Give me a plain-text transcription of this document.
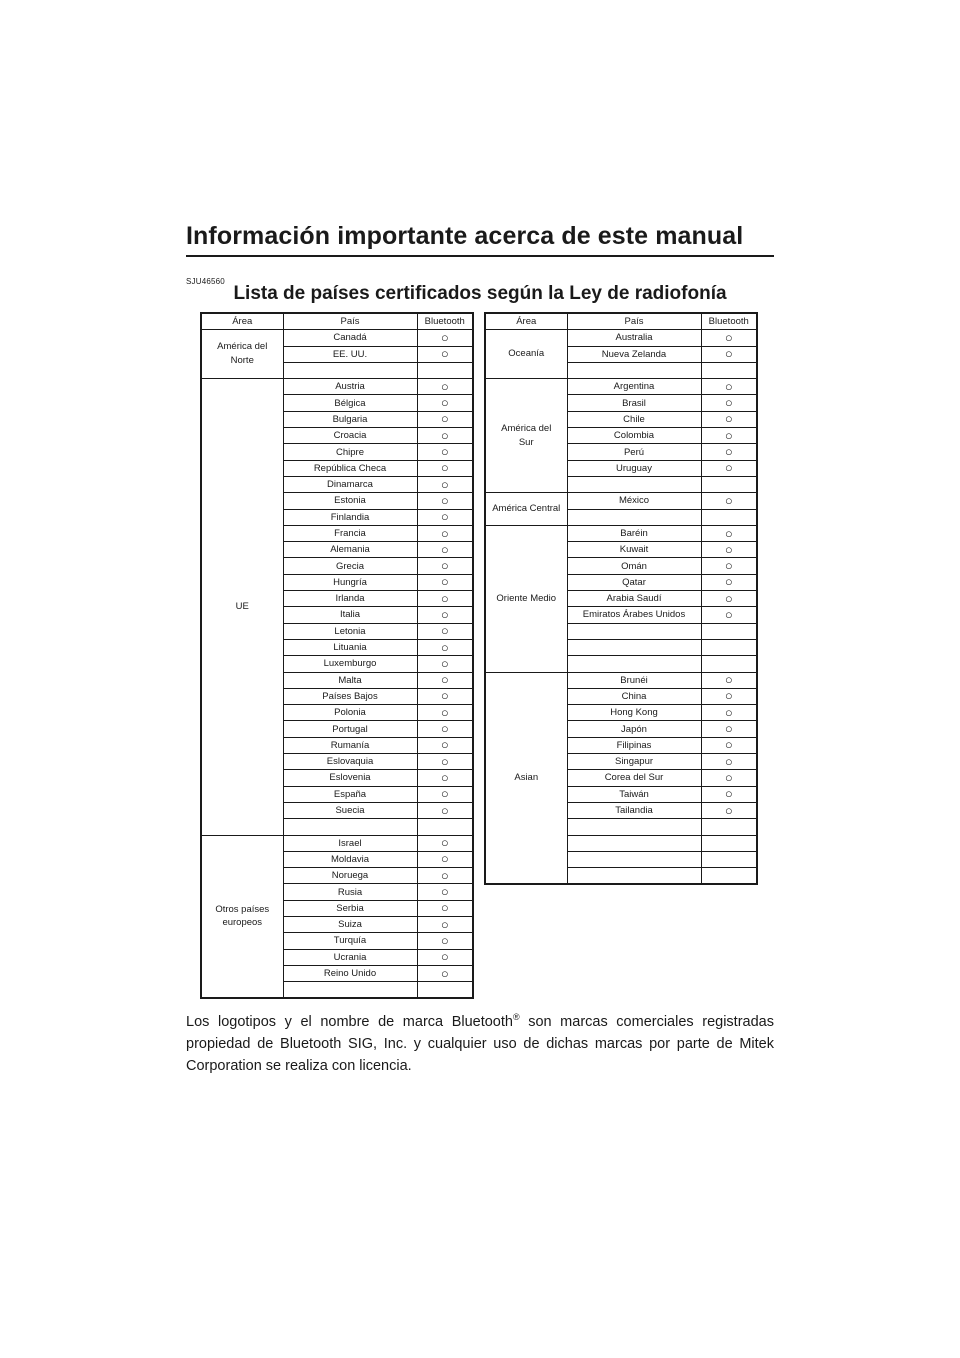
Información importante acerca de este manual
SJU46560
Lista de países certificados según la Ley de radiofonía
Área	País	Bluetooth
América del
Norte	Canadá	○
	EE. UU.	○

UE	Austria	○
	Bélgica	○
	Bulgaria	○
	Croacia	○
	Chipre	○
	República Checa	○
	Dinamarca	○
	Estonia	○
	Finlandia	○
	Francia	○
	Alemania	○
	Grecia	○
	Hungría	○
	Irlanda	○
	Italia	○
	Letonia	○
	Lituania	○
	Luxemburgo	○
	Malta	○
	Países Bajos	○
	Polonia	○
	Portugal	○
	Rumanía	○
	Eslovaquia	○
	Eslovenia	○
	España	○
	Suecia	○

Otros países
europeos	Israel	○
	Moldavia	○
	Noruega	○
	Rusia	○
	Serbia	○
	Suiza	○
	Turquía	○
	Ucrania	○
	Reino Unido	○

Área	País	Bluetooth
Oceanía	Australia	○
	Nueva Zelanda	○

América del
Sur	Argentina	○
	Brasil	○
	Chile	○
	Colombia	○
	Perú	○
	Uruguay	○

América Central	México	○

Oriente Medio	Baréin	○
	Kuwait	○
	Omán	○
	Qatar	○
	Arabia Saudí	○
	Emiratos Árabes Unidos	○

Asian	Brunéi	○
	China	○
	Hong Kong	○
	Japón	○
	Filipinas	○
	Singapur	○
	Corea del Sur	○
	Taiwán	○
	Tailandia	○

Los logotipos y el nombre de marca Bluetooth® son marcas comerciales registradas propiedad de Bluetooth SIG, Inc. y cualquier uso de dichas marcas por parte de Mitek Corporation se realiza con licencia.
